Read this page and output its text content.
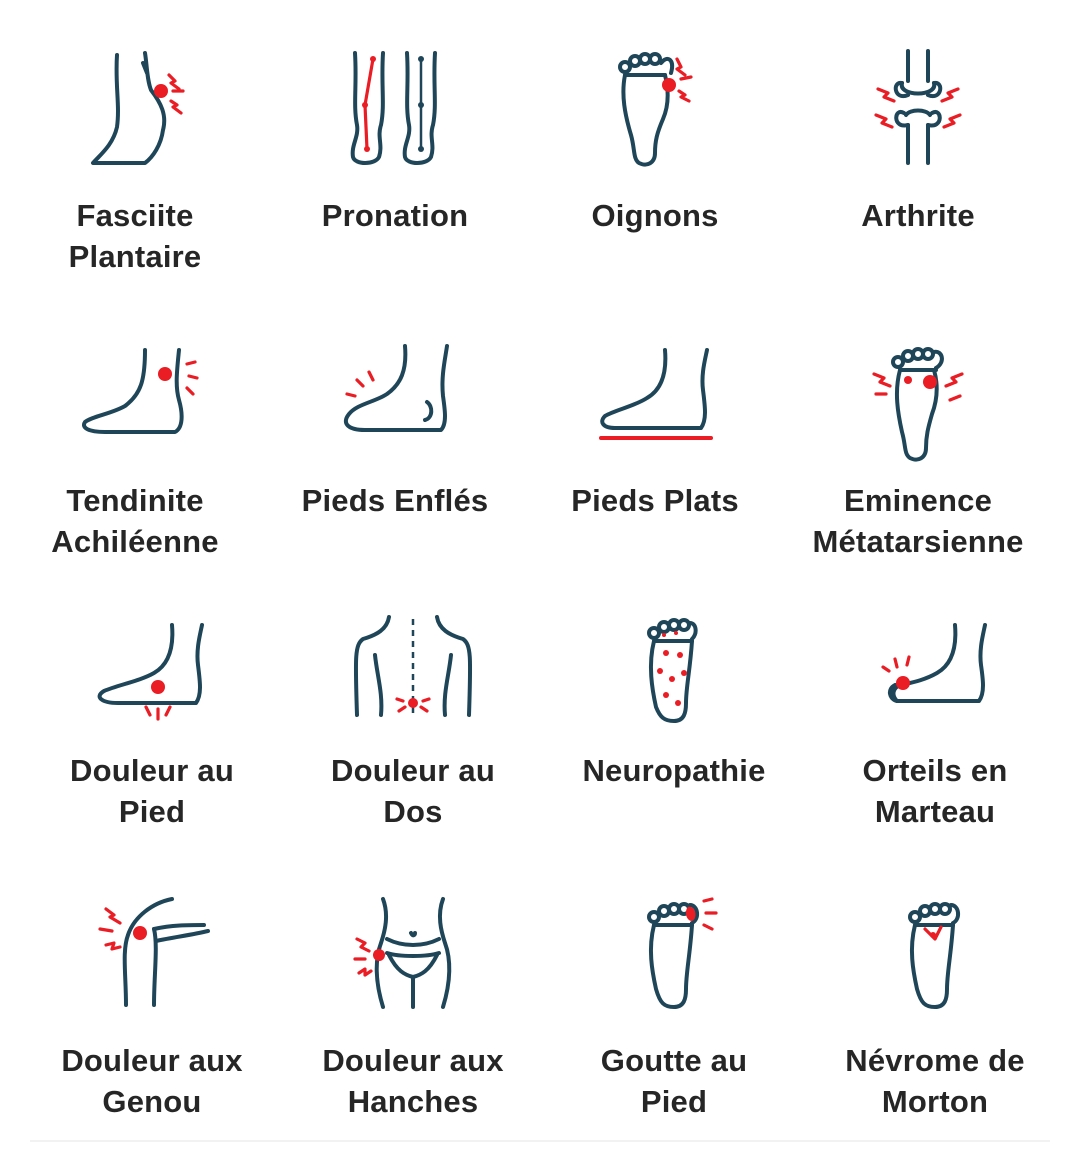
Fasciite
Plantaire
Pronation	Oignons	Arthrite
Tendinite
Achiléenne
Pieds Enflés	Pieds Plats	Eminence
Métatarsienne
Douleur au
Pied
Douleur au
Dos
Neuropathie	Orteils en
Marteau
Douleur aux
Genou
Douleur aux
Hanches
Goutte au
Pied
Névrome de
Morton
